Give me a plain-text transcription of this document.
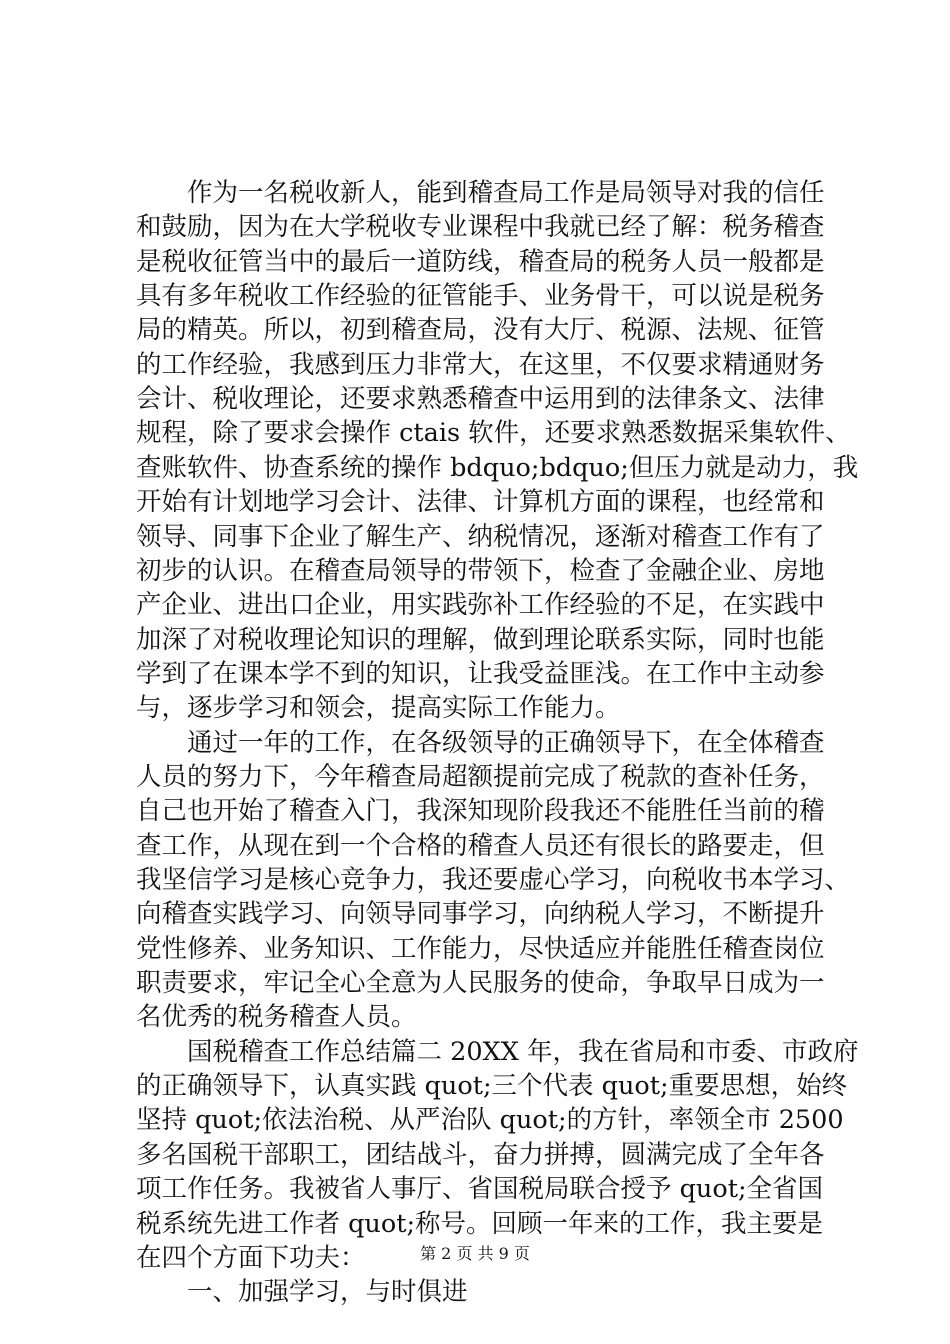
　　作为一名税收新人，能到稽查局工作是局领导对我的信任
和鼓励，因为在大学税收专业课程中我就已经了解：税务稽查
是税收征管当中的最后一道防线，稽查局的税务人员一般都是
具有多年税收工作经验的征管能手、业务骨干，可以说是税务
局的精英。所以，初到稽查局，没有大厅、税源、法规、征管
的工作经验，我感到压力非常大，在这里，不仅要求精通财务
会计、税收理论，还要求熟悉稽查中运用到的法律条文、法律
规程，除了要求会操作 ctais 软件，还要求熟悉数据采集软件、
查账软件、协查系统的操作 bdquo;bdquo;但压力就是动力，我
开始有计划地学习会计、法律、计算机方面的课程，也经常和
领导、同事下企业了解生产、纳税情况，逐渐对稽查工作有了
初步的认识。在稽查局领导的带领下，检查了金融企业、房地
产企业、进出口企业，用实践弥补工作经验的不足，在实践中
加深了对税收理论知识的理解，做到理论联系实际，同时也能
学到了在课本学不到的知识，让我受益匪浅。在工作中主动参
与，逐步学习和领会，提高实际工作能力。
　　通过一年的工作，在各级领导的正确领导下，在全体稽查
人员的努力下，今年稽查局超额提前完成了税款的查补任务，
自己也开始了稽查入门，我深知现阶段我还不能胜任当前的稽
查工作，从现在到一个合格的稽查人员还有很长的路要走，但
我坚信学习是核心竞争力，我还要虚心学习，向税收书本学习、
向稽查实践学习、向领导同事学习，向纳税人学习，不断提升
党性修养、业务知识、工作能力，尽快适应并能胜任稽查岗位
职责要求，牢记全心全意为人民服务的使命，争取早日成为一
名优秀的税务稽查人员。
　　国税稽查工作总结篇二 20XX 年，我在省局和市委、市政府
的正确领导下，认真实践 quot;三个代表 quot;重要思想，始终
坚持 quot;依法治税、从严治队 quot;的方针，率领全市 2500
多名国税干部职工，团结战斗，奋力拼搏，圆满完成了全年各
项工作任务。我被省人事厅、省国税局联合授予 quot;全省国
税系统先进工作者 quot;称号。回顾一年来的工作，我主要是
在四个方面下功夫：
　　一、加强学习，与时俱进
第 2 页 共 9 页
